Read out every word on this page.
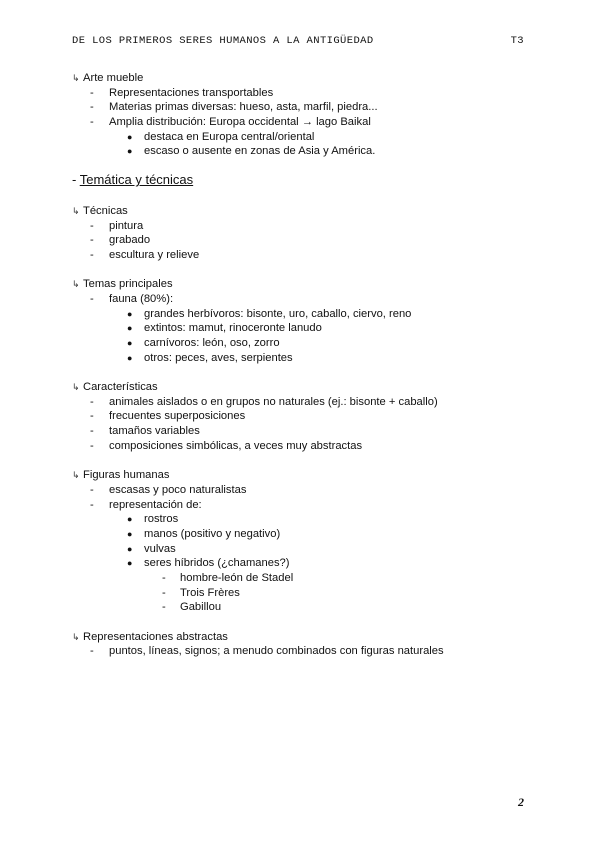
DE LOS PRIMEROS SERES HUMANOS A LA ANTIGÜEDAD	T3
↳ Arte mueble
-	Representaciones transportables
-	Materias primas diversas: hueso, asta, marfil, piedra...
-	Amplia distribución: Europa occidental → lago Baikal
●	destaca en Europa central/oriental
●	escaso o ausente en zonas de Asia y América.
- Temática y técnicas
↳ Técnicas
-	pintura
-	grabado
-	escultura y relieve
↳ Temas principales
-	fauna (80%):
●	grandes herbívoros: bisonte, uro, caballo, ciervo, reno
●	extintos: mamut, rinoceronte lanudo
●	carnívoros: león, oso, zorro
●	otros: peces, aves, serpientes
↳ Características
-	animales aislados o en grupos no naturales (ej.: bisonte + caballo)
-	frecuentes superposiciones
-	tamaños variables
-	composiciones simbólicas, a veces muy abstractas
↳ Figuras humanas
-	escasas y poco naturalistas
-	representación de:
●	rostros
●	manos (positivo y negativo)
●	vulvas
●	seres híbridos (¿chamanes?)
-	hombre-león de Stadel
-	Trois Frères
-	Gabillou
↳ Representaciones abstractas
-	puntos, líneas, signos; a menudo combinados con figuras naturales
2
